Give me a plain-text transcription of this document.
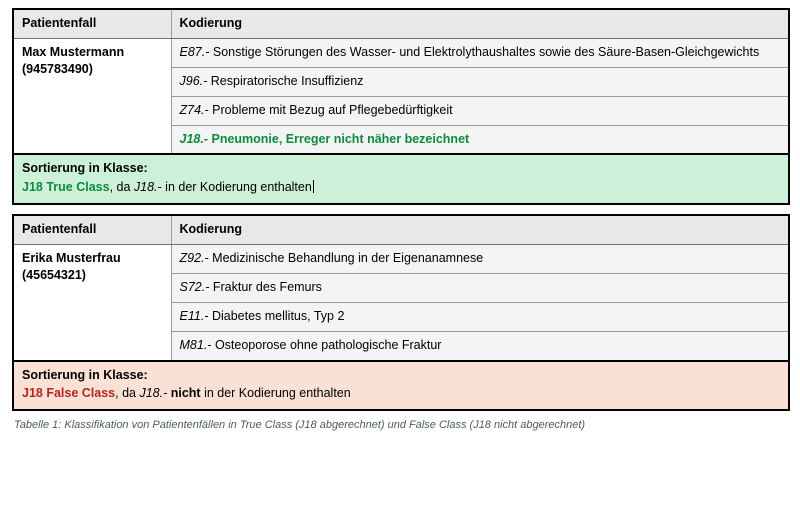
Patientenfall	Kodierung
Max Mustermann
(945783490)	E87.- Sonstige Störungen des Wasser- und Elektrolythaushaltes sowie des Säure-Basen-Gleichgewichts
	J96.- Respiratorische Insuffizienz
	Z74.- Probleme mit Bezug auf Pflegebedürftigkeit
	J18.- Pneumonie, Erreger nicht näher bezeichnet

Sortierung in Klasse:
J18 True Class, da J18.- in der Kodierung enthalten	
Patientenfall	Kodierung
Erika Musterfrau
(45654321)	Z92.- Medizinische Behandlung in der Eigenanamnese
	S72.- Fraktur des Femurs
	E11.- Diabetes mellitus, Typ 2
	M81.- Osteoporose ohne pathologische Fraktur

Sortierung in Klasse:
J18 False Class, da J18.- nicht in der Kodierung enthalten	
Tabelle 1: Klassifikation von Patientenfällen in True Class (J18 abgerechnet) und False Class (J18 nicht abgerechnet)
